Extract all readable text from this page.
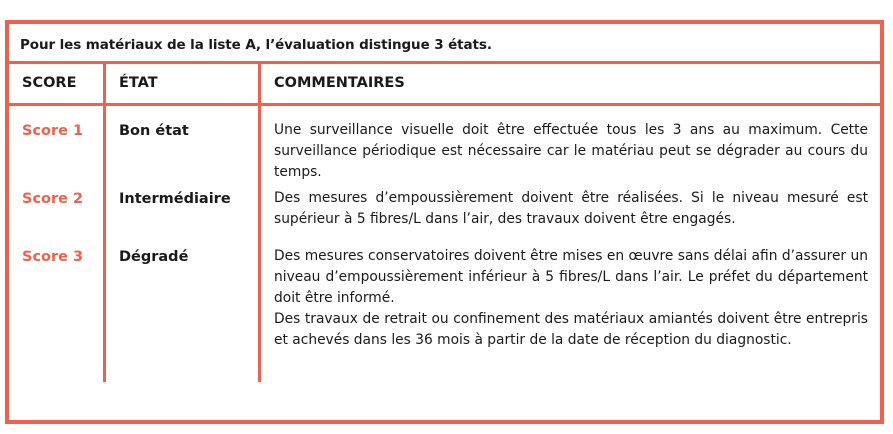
Pour les matériaux de la liste A, l’évaluation distingue 3 états.
SCORE	ÉTAT	COMMENTAIRES
Score 1	Bon état	Une surveillance visuelle doit être effectuée tous les 3 ans au maximum. Cette surveillance périodique est nécessaire car le matériau peut se dégrader au cours du temps.
Score 2	Intermédiaire	Des mesures d’empoussièrement doivent être réalisées. Si le niveau mesuré est supérieur à 5 fibres/L dans l’air, des travaux doivent être engagés.
Score 3	Dégradé	Des mesures conservatoires doivent être mises en œuvre sans délai afin d’assurer un niveau d’empoussièrement inférieur à 5 fibres/L dans l’air. Le préfet du département doit être informé.
Des travaux de retrait ou confinement des matériaux amiantés doivent être entrepris et achevés dans les 36 mois à partir de la date de réception du diagnostic.
